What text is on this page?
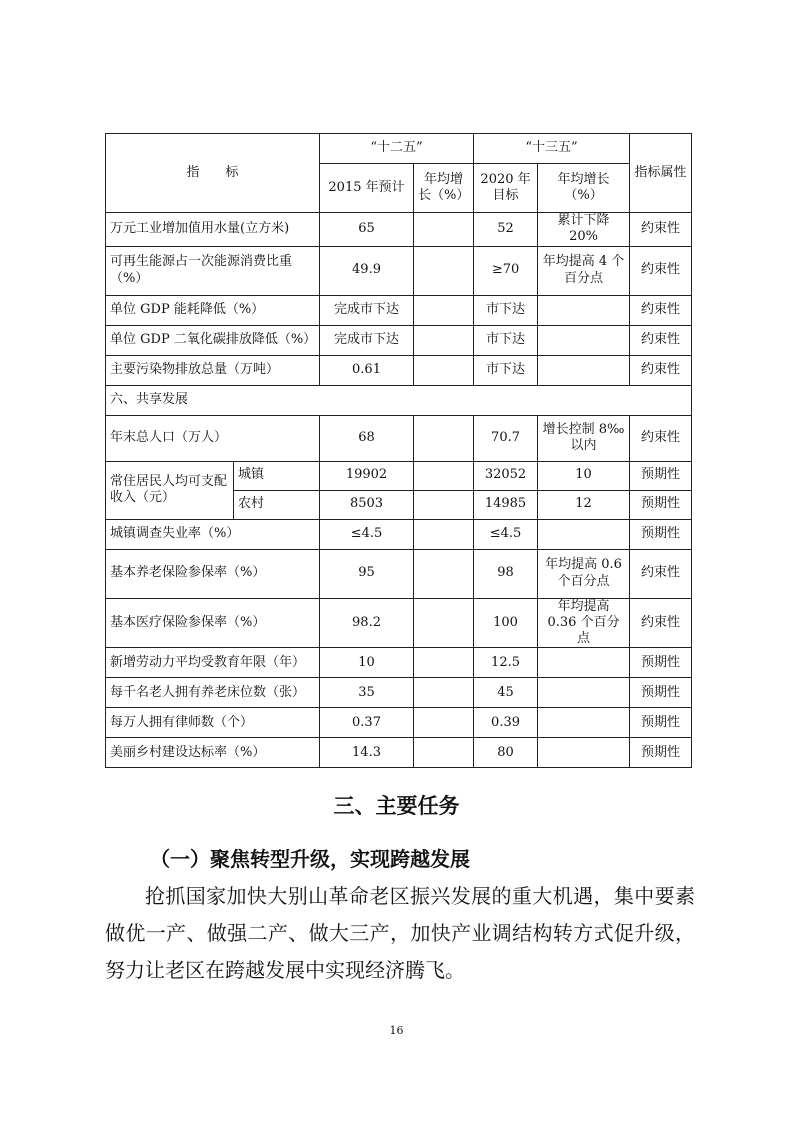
指　　标		“十二五”		“十三五”		指标属性
		2015 年预计	年均增长（%）	2020 年目标	年均增长（%）	
万元工业增加值用水量(立方米)		65		52	累计下降 20%	约束性
可再生能源占一次能源消费比重（%）		49.9		≥70	年均提高 4 个百分点	约束性
单位 GDP 能耗降低（%）		完成市下达		市下达		约束性
单位 GDP 二氧化碳排放降低（%）		完成市下达		市下达		约束性
主要污染物排放总量（万吨）		0.61		市下达		约束性
六、共享发展						
年末总人口（万人）		68		70.7	增长控制 8‰以内	约束性
常住居民人均可支配收入（元）	城镇	19902		32052	10	预期性
	农村	8503		14985	12	预期性
城镇调查失业率（%）		≤4.5		≤4.5		预期性
基本养老保险参保率（%）		95		98	年均提高 0.6 个百分点	约束性
基本医疗保险参保率（%）		98.2		100	年均提高 0.36 个百分点	约束性
新增劳动力平均受教育年限（年）		10		12.5		预期性
每千名老人拥有养老床位数（张）		35		45		预期性
每万人拥有律师数（个）		0.37		0.39		预期性
美丽乡村建设达标率（%）		14.3		80		预期性
三、主要任务
（一）聚焦转型升级，实现跨越发展
抢抓国家加快大别山革命老区振兴发展的重大机遇，集中要素做优一产、做强二产、做大三产，加快产业调结构转方式促升级，努力让老区在跨越发展中实现经济腾飞。
16
